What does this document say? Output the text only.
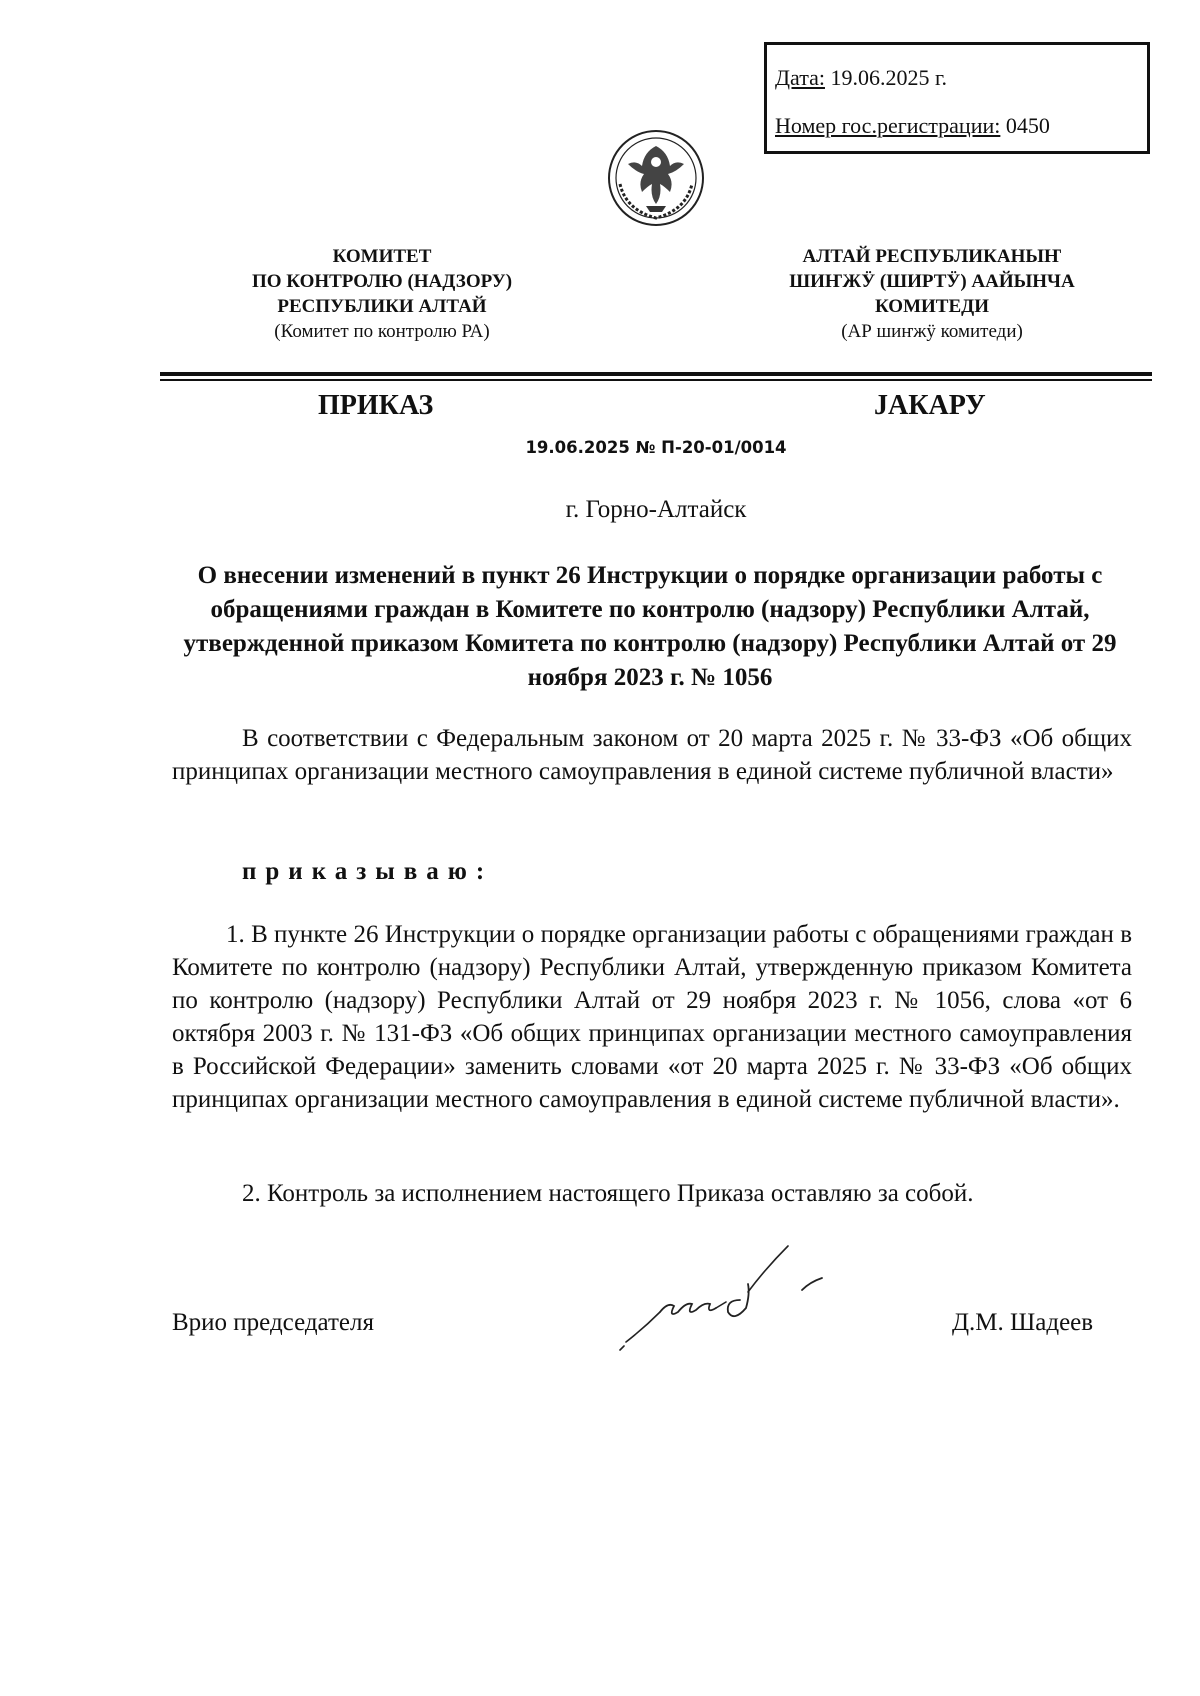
Дата: 19.06.2025 г.
Номер гос.регистрации: 0450
КОМИТЕТ
ПО КОНТРОЛЮ (НАДЗОРУ)
РЕСПУБЛИКИ АЛТАЙ
(Комитет по контролю РА)
АЛТАЙ РЕСПУБЛИКАНЫҤ
ШИҤЖӰ (ШИРТӰ) ААЙЫНЧА
КОМИТЕДИ
(АР шиҥжӱ комитеди)
ПРИКАЗ	ЈАКАРУ
19.06.2025 № П-20-01/0014
г. Горно-Алтайск
О внесении изменений в пункт 26 Инструкции о порядке организации работы с обращениями граждан в Комитете по контролю (надзору) Республики Алтай, утвержденной приказом Комитета по контролю (надзору) Республики Алтай от 29 ноября 2023 г. № 1056
В соответствии с Федеральным законом от 20 марта 2025 г. № 33-ФЗ «Об общих принципах организации местного самоуправления в единой системе публичной власти»
приказываю:
1. В пункте 26 Инструкции о порядке организации работы с обращениями граждан в Комитете по контролю (надзору) Республики Алтай, утвержденную приказом Комитета по контролю (надзору) Республики Алтай от 29 ноября 2023 г. № 1056, слова «от 6 октября 2003 г. № 131-ФЗ «Об общих принципах организации местного самоуправления в Российской Федерации» заменить словами «от 20 марта 2025 г. № 33-ФЗ «Об общих принципах организации местного самоуправления в единой системе публичной власти».
2. Контроль за исполнением настоящего Приказа оставляю за собой.
Врио председателя	Д.М. Шадеев
